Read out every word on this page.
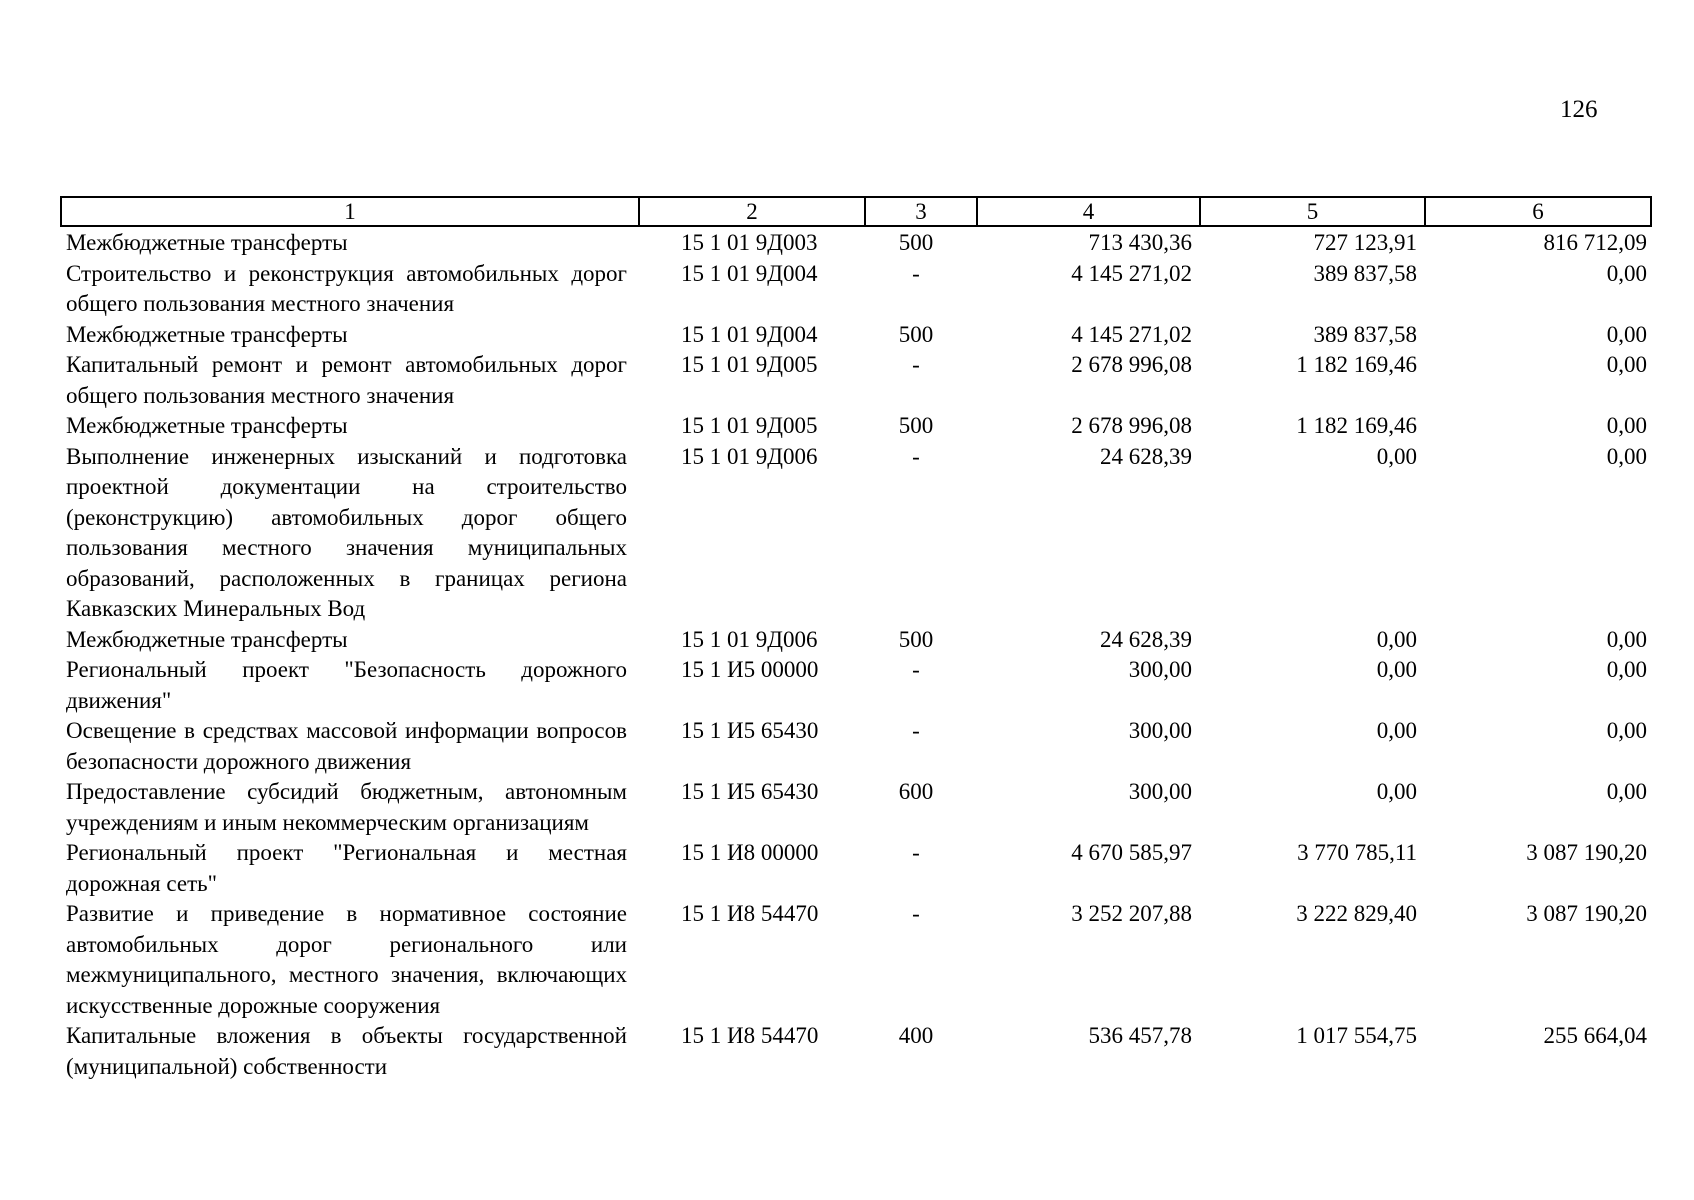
126
1	2	3	4	5	6
Межбюджетные трансферты	15 1 01 9Д003	500	713 430,36	727 123,91	816 712,09
Строительство и реконструкция автомобильных дорог общего пользования местного значения	15 1 01 9Д004	-	4 145 271,02	389 837,58	0,00
Межбюджетные трансферты	15 1 01 9Д004	500	4 145 271,02	389 837,58	0,00
Капитальный ремонт и ремонт автомобильных дорог общего пользования местного значения	15 1 01 9Д005	-	2 678 996,08	1 182 169,46	0,00
Межбюджетные трансферты	15 1 01 9Д005	500	2 678 996,08	1 182 169,46	0,00
Выполнение инженерных изысканий и подготовка проектной документации на строительство (реконструкцию) автомобильных дорог общего пользования местного значения муниципальных образований, расположенных в границах региона Кавказских Минеральных Вод	15 1 01 9Д006	-	24 628,39	0,00	0,00
Межбюджетные трансферты	15 1 01 9Д006	500	24 628,39	0,00	0,00
Региональный проект "Безопасность дорожного движения"	15 1 И5 00000	-	300,00	0,00	0,00
Освещение в средствах массовой информации вопросов безопасности дорожного движения	15 1 И5 65430	-	300,00	0,00	0,00
Предоставление субсидий бюджетным, автономным учреждениям и иным некоммерческим организациям	15 1 И5 65430	600	300,00	0,00	0,00
Региональный проект "Региональная и местная дорожная сеть"	15 1 И8 00000	-	4 670 585,97	3 770 785,11	3 087 190,20
Развитие и приведение в нормативное состояние автомобильных дорог регионального или межмуниципального, местного значения, включающих искусственные дорожные сооружения	15 1 И8 54470	-	3 252 207,88	3 222 829,40	3 087 190,20
Капитальные вложения в объекты государственной (муниципальной) собственности	15 1 И8 54470	400	536 457,78	1 017 554,75	255 664,04
